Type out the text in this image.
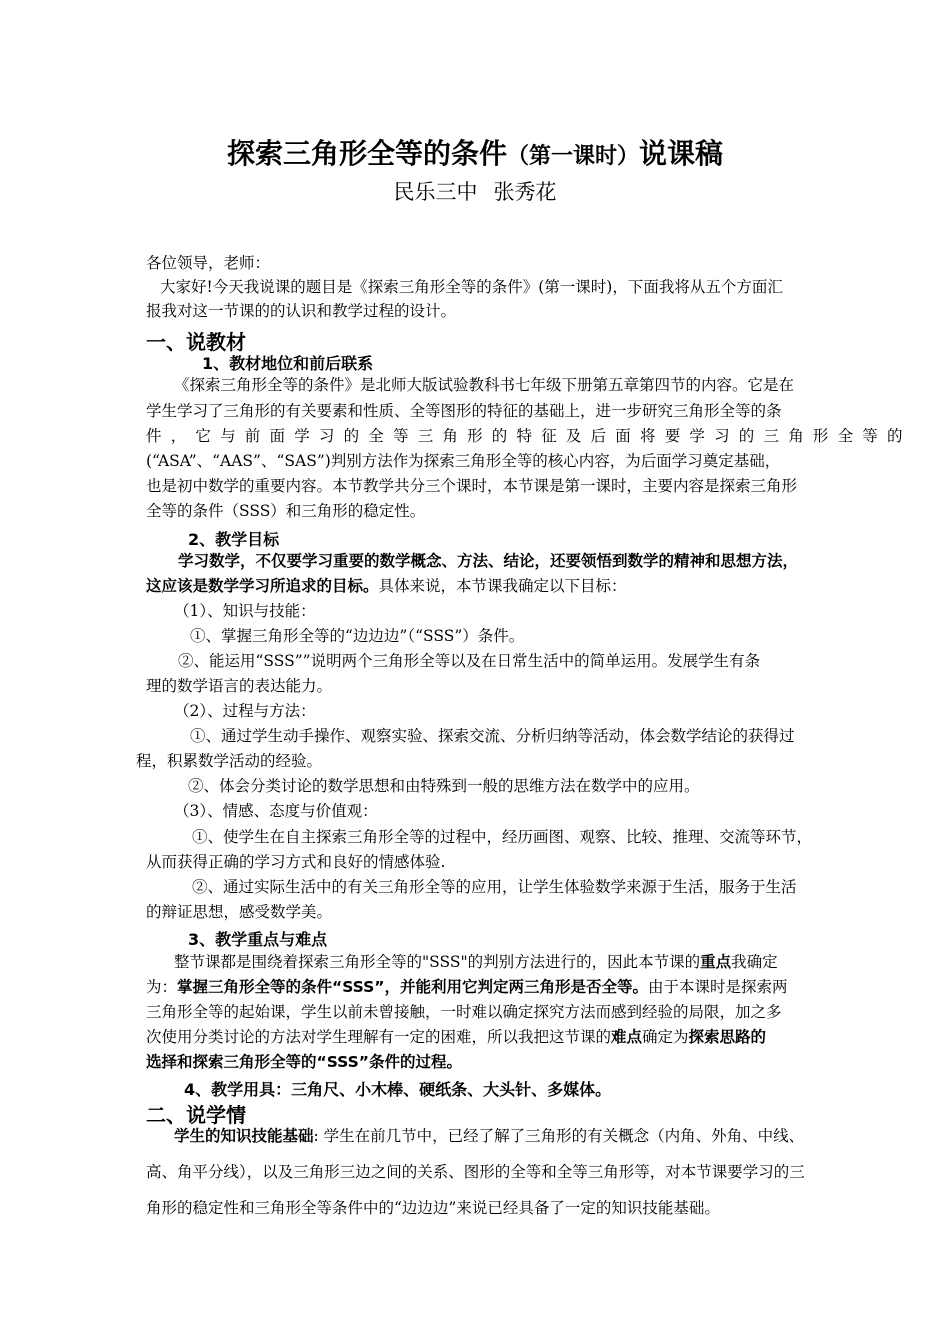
探索三角形全等的条件（第一课时）说课稿
民乐三中 张秀花
各位领导，老师：
大家好!今天我说课的题目是《探索三角形全等的条件》(第一课时)，下面我将从五个方面汇
报我对这一节课的的认识和教学过程的设计。
一、说教材
1、教材地位和前后联系
《探索三角形全等的条件》是北师大版试验教科书七年级下册第五章第四节的内容。它是在
学生学习了三角形的有关要素和性质、全等图形的特征的基础上，进一步研究三角形全等的条
件，它与前面学习的全等三角形的特征及后面将要学习的三角形全等的
(“ASA”、“AAS”、“SAS”)判别方法作为探索三角形全等的核心内容，为后面学习奠定基础，
也是初中数学的重要内容。本节教学共分三个课时，本节课是第一课时，主要内容是探索三角形
全等的条件（SSS）和三角形的稳定性。
2、教学目标
学习数学，不仅要学习重要的数学概念、方法、结论，还要领悟到数学的精神和思想方法，
这应该是数学学习所追求的目标。具体来说，本节课我确定以下目标：
（1）、知识与技能：
①、掌握三角形全等的“边边边”（“SSS”）条件。
②、能运用“SSS””说明两个三角形全等以及在日常生活中的简单运用。发展学生有条
理的数学语言的表达能力。
（2）、过程与方法：
①、通过学生动手操作、观察实验、探索交流、分析归纳等活动，体会数学结论的获得过
程，积累数学活动的经验。
②、体会分类讨论的数学思想和由特殊到一般的思维方法在数学中的应用。
（3）、情感、态度与价值观：
①、使学生在自主探索三角形全等的过程中，经历画图、观察、比较、推理、交流等环节，
从而获得正确的学习方式和良好的情感体验.
②、通过实际生活中的有关三角形全等的应用，让学生体验数学来源于生活，服务于生活
的辩证思想，感受数学美。
3、教学重点与难点
整节课都是围绕着探索三角形全等的"SSS"的判别方法进行的，因此本节课的重点我确定
为：掌握三角形全等的条件“SSS”，并能利用它判定两三角形是否全等。由于本课时是探索两
三角形全等的起始课，学生以前未曾接触，一时难以确定探究方法而感到经验的局限，加之多
次使用分类讨论的方法对学生理解有一定的困难，所以我把这节课的难点确定为探索思路的
选择和探索三角形全等的“SSS”条件的过程。
4、教学用具：三角尺、小木棒、硬纸条、大头针、多媒体。
二、说学情
学生的知识技能基础: 学生在前几节中，已经了解了三角形的有关概念（内角、外角、中线、
高、角平分线），以及三角形三边之间的关系、图形的全等和全等三角形等，对本节课要学习的三
角形的稳定性和三角形全等条件中的“边边边”来说已经具备了一定的知识技能基础。
